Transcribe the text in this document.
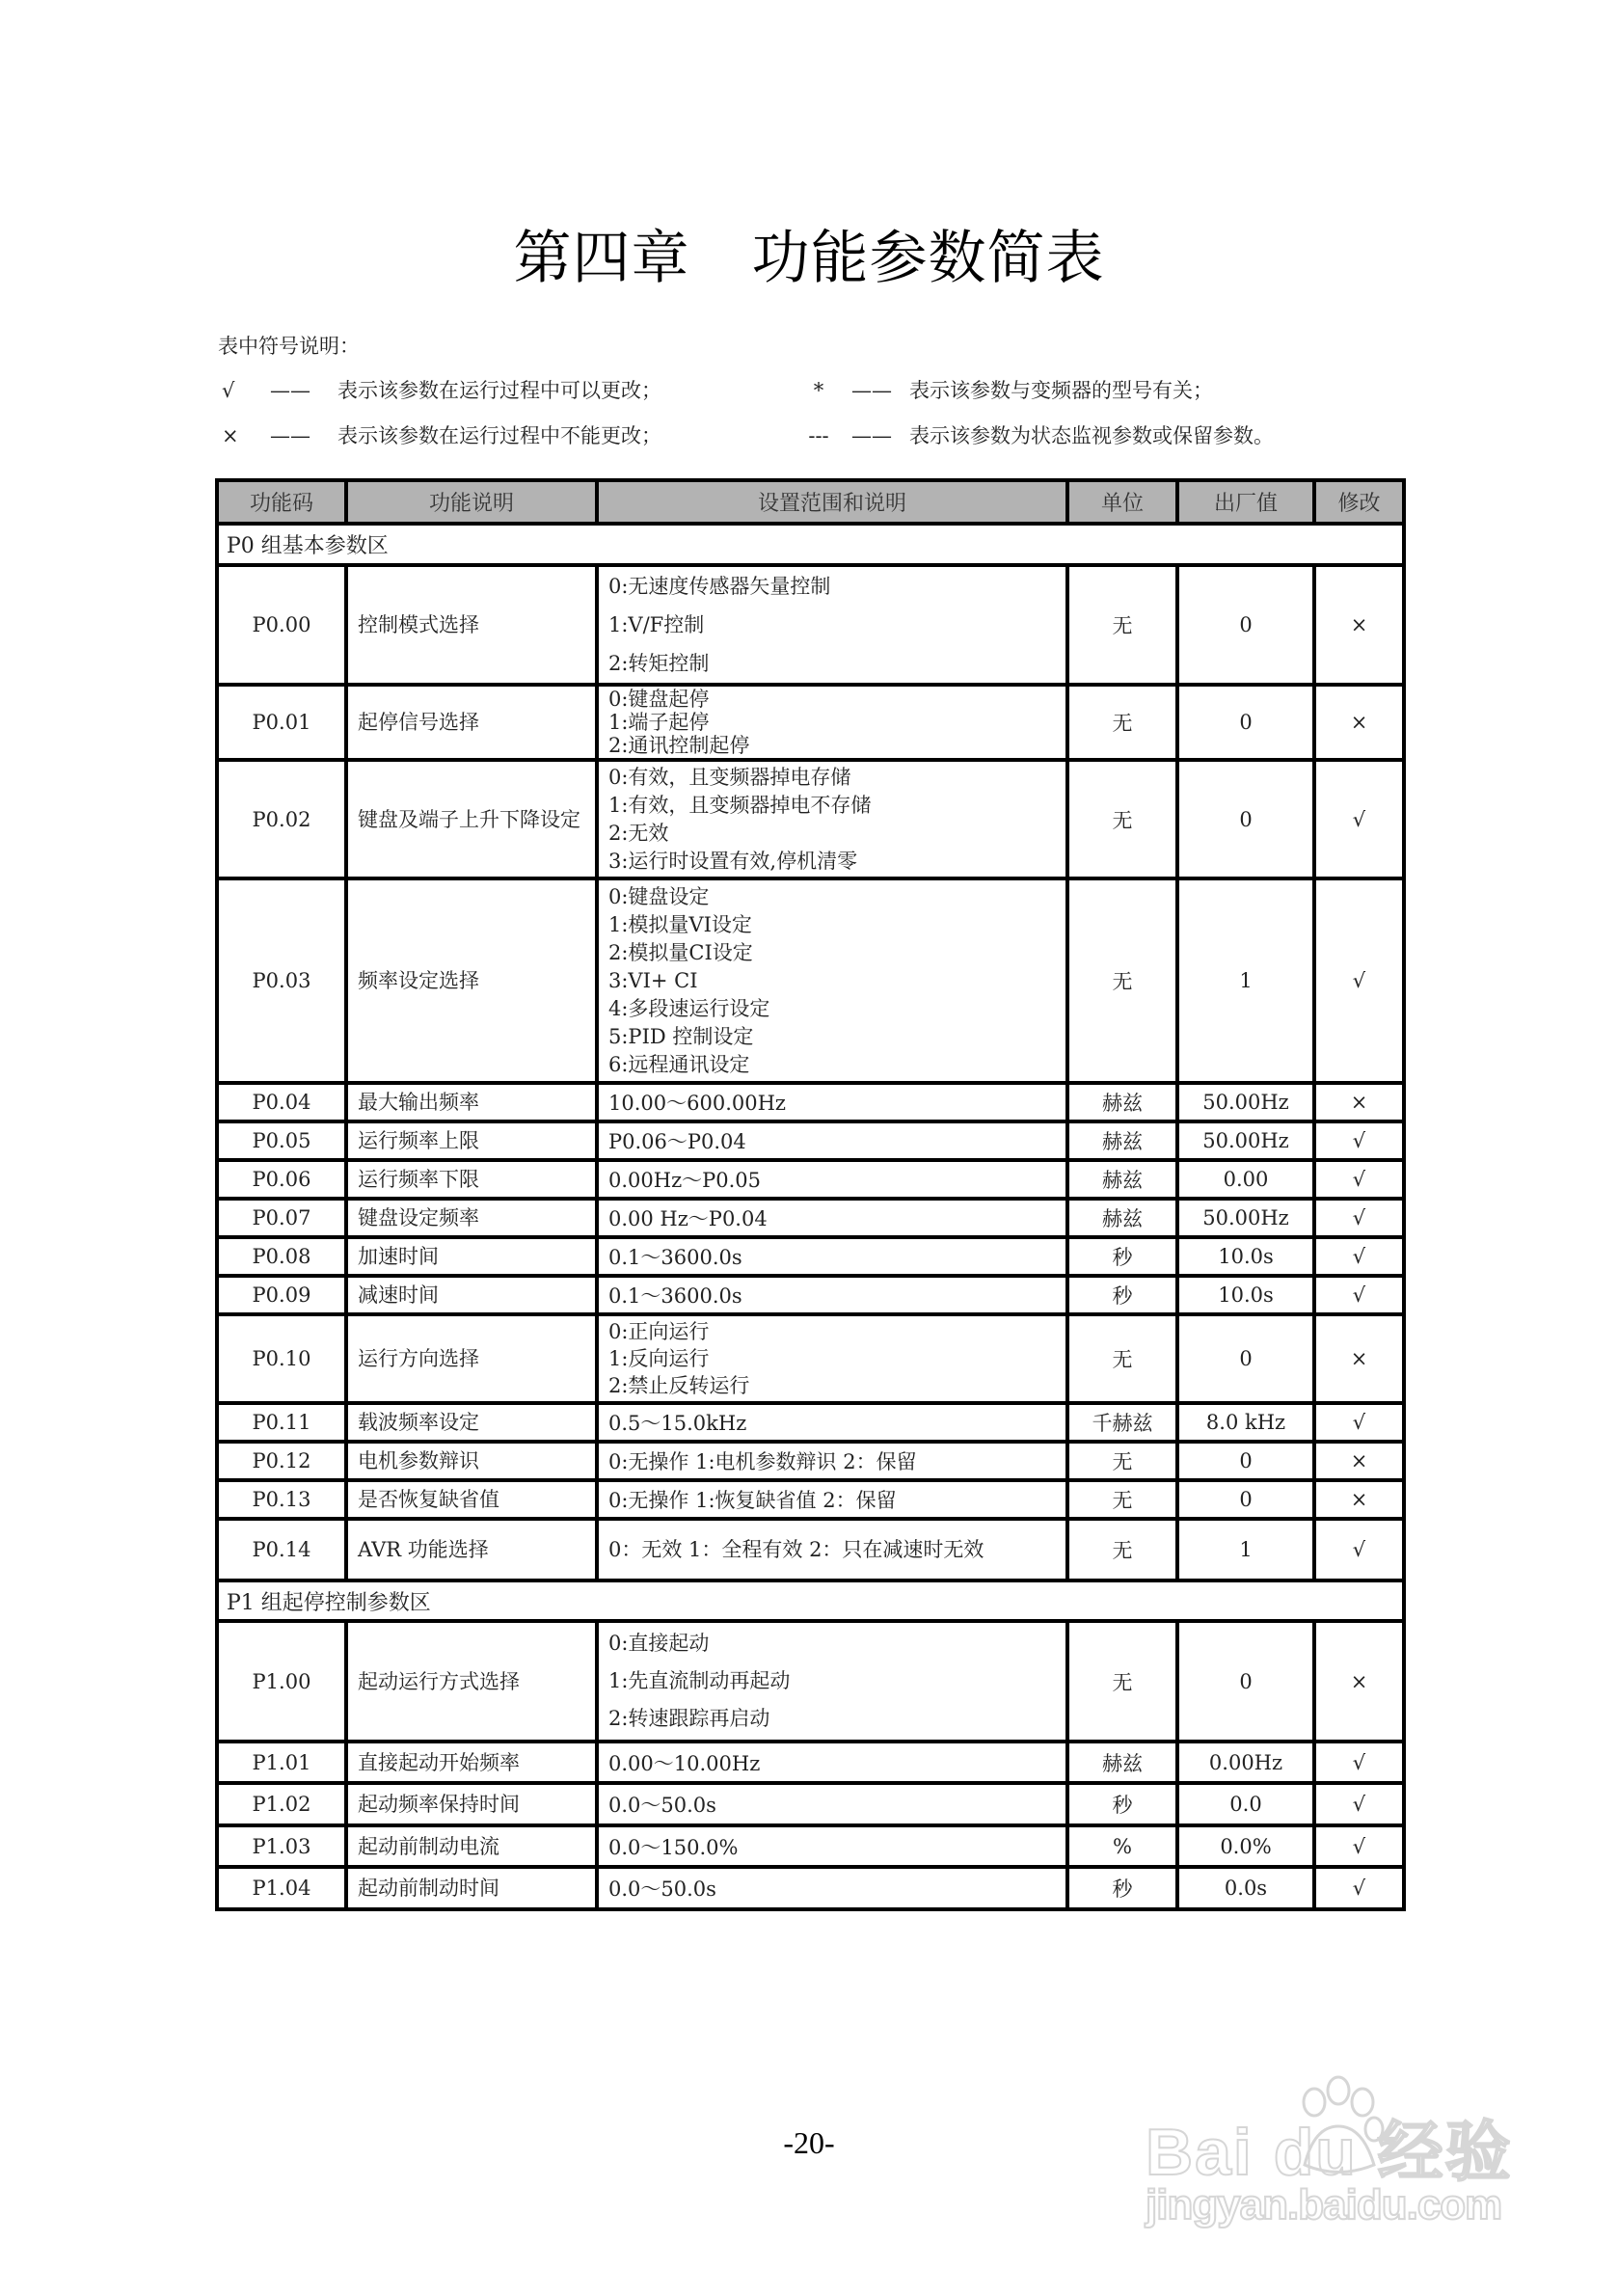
第四章 功能参数简表
表中符号说明：
√	——	表示该参数在运行过程中可以更改；	*	—— 表示该参数与变频器的型号有关；
×	——	表示该参数在运行过程中不能更改；	---	—— 表示该参数为状态监视参数或保留参数。
功能码	功能说明	设置范围和说明	单位	出厂值	修改
P0 组基本参数区					
P0.00	控制模式选择	0:无速度传感器矢量控制
1:V/F控制
2:转矩控制	无	0	×
P0.01	起停信号选择	0:键盘起停
1:端子起停
2:通讯控制起停	无	0	×
P0.02	键盘及端子上升下降设定	0:有效，且变频器掉电存储
1:有效，且变频器掉电不存储
2:无效
3:运行时设置有效,停机清零	无	0	√
P0.03	频率设定选择	
0:键盘设定
1:模拟量VI设定
2:模拟量CI设定
3:VI+ CI
4:多段速运行设定
5:PID 控制设定
6:远程通讯设定
	无	1	√
P0.04	最大输出频率	10.00～600.00Hz	赫兹	50.00Hz	×
P0.05	运行频率上限	P0.06～P0.04	赫兹	50.00Hz	√
P0.06	运行频率下限	0.00Hz～P0.05	赫兹	0.00	√
P0.07	键盘设定频率	0.00 Hz～P0.04	赫兹	50.00Hz	√
P0.08	加速时间	0.1～3600.0s	秒	10.0s	√
P0.09	减速时间	0.1～3600.0s	秒	10.0s	√
P0.10	运行方向选择	0:正向运行
1:反向运行
2:禁止反转运行	无	0	×
P0.11	载波频率设定	0.5～15.0kHz	千赫兹	8.0 kHz	√
P0.12	电机参数辩识	0:无操作 1:电机参数辩识 2：保留	无	0	×
P0.13	是否恢复缺省值	0:无操作 1:恢复缺省值 2：保留	无	0	×
P0.14	AVR 功能选择	0：无效 1：全程有效 2：只在减速时无效	无	1	√
P1 组起停控制参数区					
P1.00	起动运行方式选择	0:直接起动
1:先直流制动再起动
2:转速跟踪再启动	无	0	×
P1.01	直接起动开始频率	0.00～10.00Hz	赫兹	0.00Hz	√
P1.02	起动频率保持时间	0.0～50.0s	秒	0.0	√
P1.03	起动前制动电流	0.0～150.0%	%	0.0%	√
P1.04	起动前制动时间	0.0～50.0s	秒	0.0s	√
-20-	Bai du 经验
jingyan.baidu.com
